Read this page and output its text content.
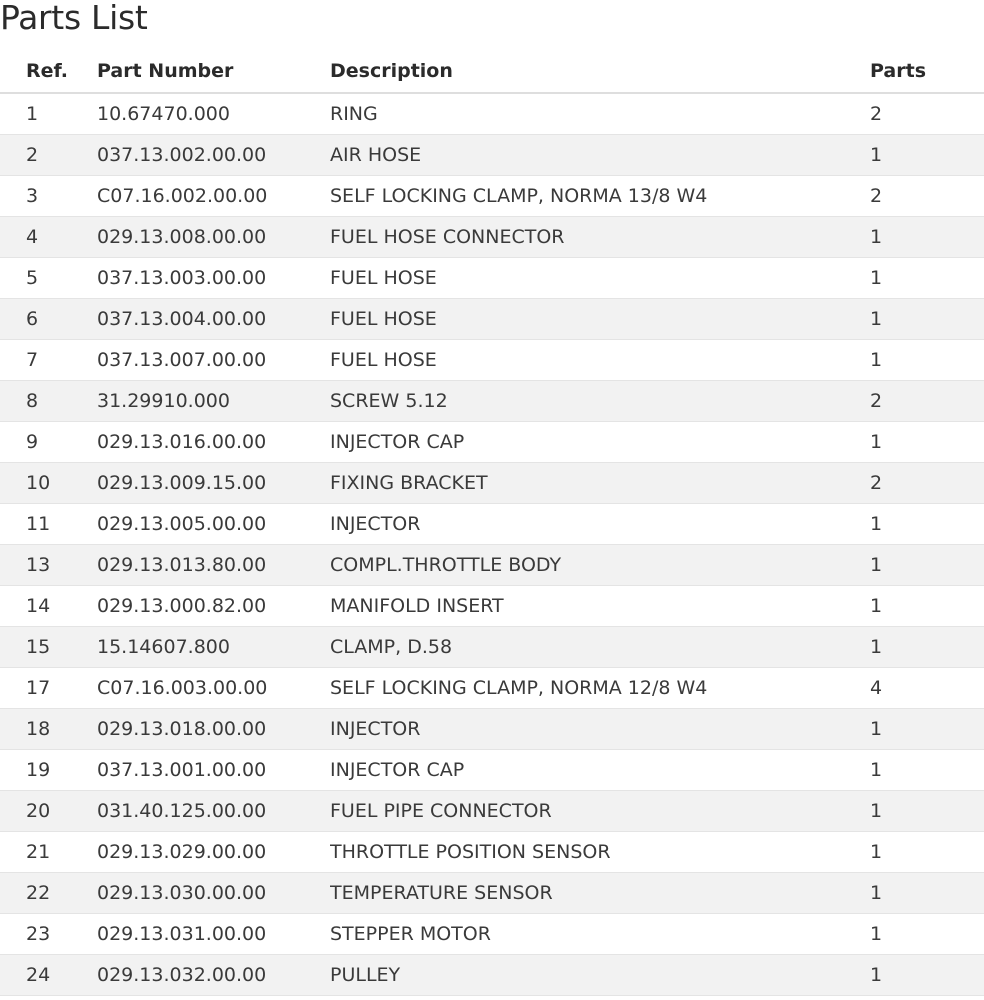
Parts List
Ref.	Part Number	Description	Parts
1	10.67470.000	RING	2
2	037.13.002.00.00	AIR HOSE	1
3	C07.16.002.00.00	SELF LOCKING CLAMP, NORMA 13/8 W4	2
4	029.13.008.00.00	FUEL HOSE CONNECTOR	1
5	037.13.003.00.00	FUEL HOSE	1
6	037.13.004.00.00	FUEL HOSE	1
7	037.13.007.00.00	FUEL HOSE	1
8	31.29910.000	SCREW 5.12	2
9	029.13.016.00.00	INJECTOR CAP	1
10	029.13.009.15.00	FIXING BRACKET	2
11	029.13.005.00.00	INJECTOR	1
13	029.13.013.80.00	COMPL.THROTTLE BODY	1
14	029.13.000.82.00	MANIFOLD INSERT	1
15	15.14607.800	CLAMP, D.58	1
17	C07.16.003.00.00	SELF LOCKING CLAMP, NORMA 12/8 W4	4
18	029.13.018.00.00	INJECTOR	1
19	037.13.001.00.00	INJECTOR CAP	1
20	031.40.125.00.00	FUEL PIPE CONNECTOR	1
21	029.13.029.00.00	THROTTLE POSITION SENSOR	1
22	029.13.030.00.00	TEMPERATURE SENSOR	1
23	029.13.031.00.00	STEPPER MOTOR	1
24	029.13.032.00.00	PULLEY	1
